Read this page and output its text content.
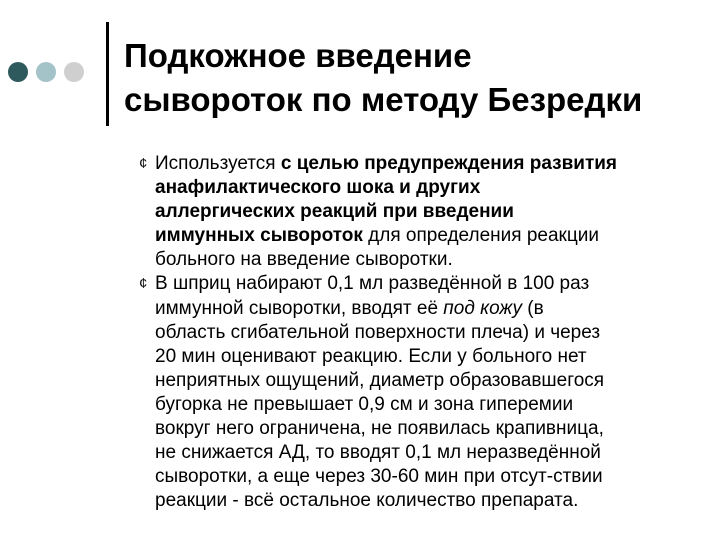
Подкожное введение
сывороток по методу Безредки
¢ Используется с целью предупреждения развития
анафилактического шока и других
аллергических реакций при введении
иммунных сывороток для определения реакции
больного на введение сыворотки.

¢ В шприц набирают 0,1 мл разведённой в 100 раз
иммунной сыворотки, вводят её под кожу (в
область сгибательной поверхности плеча) и через
20 мин оценивают реакцию. Если у больного нет
неприятных ощущений, диаметр образовавшегося
бугорка не превышает 0,9 см и зона гиперемии
вокруг него ограничена, не появилась крапивница,
не снижается АД, то вводят 0,1 мл неразведённой
сыворотки, а еще через 30-60 мин при отсут-ствии
реакции - всё остальное количество препарата.
